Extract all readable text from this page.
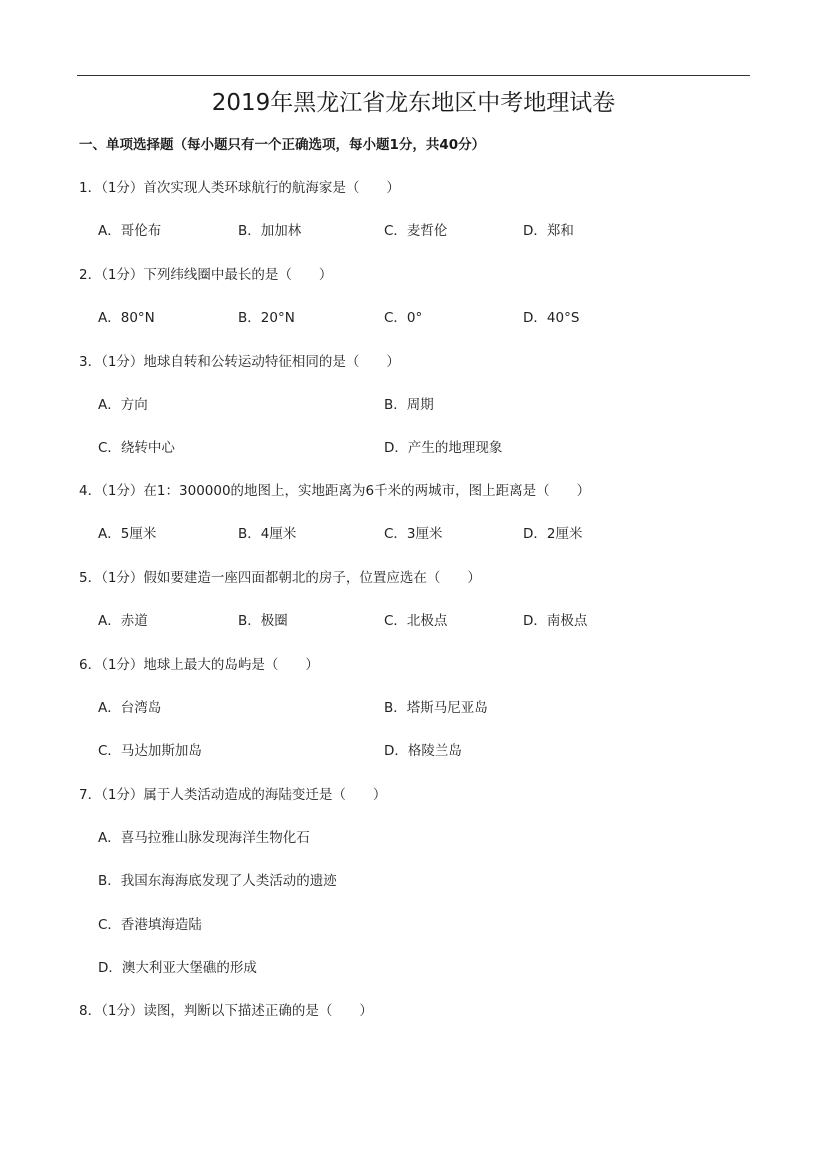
2019年黑龙江省龙东地区中考地理试卷
一、单项选择题（每小题只有一个正确选项，每小题1分，共40分）
1．（1分）首次实现人类环球航行的航海家是（　　）
A．哥伦布	B．加加林	C．麦哲伦	D．郑和
2．（1分）下列纬线圈中最长的是（　　）
A．80°N	B．20°N	C．0°	D．40°S
3．（1分）地球自转和公转运动特征相同的是（　　）
A．方向	B．周期
C．绕转中心	D．产生的地理现象
4．（1分）在1：300000的地图上，实地距离为6千米的两城市，图上距离是（　　）
A．5厘米	B．4厘米	C．3厘米	D．2厘米
5．（1分）假如要建造一座四面都朝北的房子，位置应选在（　　）
A．赤道	B．极圈	C．北极点	D．南极点
6．（1分）地球上最大的岛屿是（　　）
A．台湾岛	B．塔斯马尼亚岛
C．马达加斯加岛	D．格陵兰岛
7．（1分）属于人类活动造成的海陆变迁是（　　）
A．喜马拉雅山脉发现海洋生物化石
B．我国东海海底发现了人类活动的遗迹
C．香港填海造陆
D．澳大利亚大堡礁的形成
8．（1分）读图，判断以下描述正确的是（　　）
